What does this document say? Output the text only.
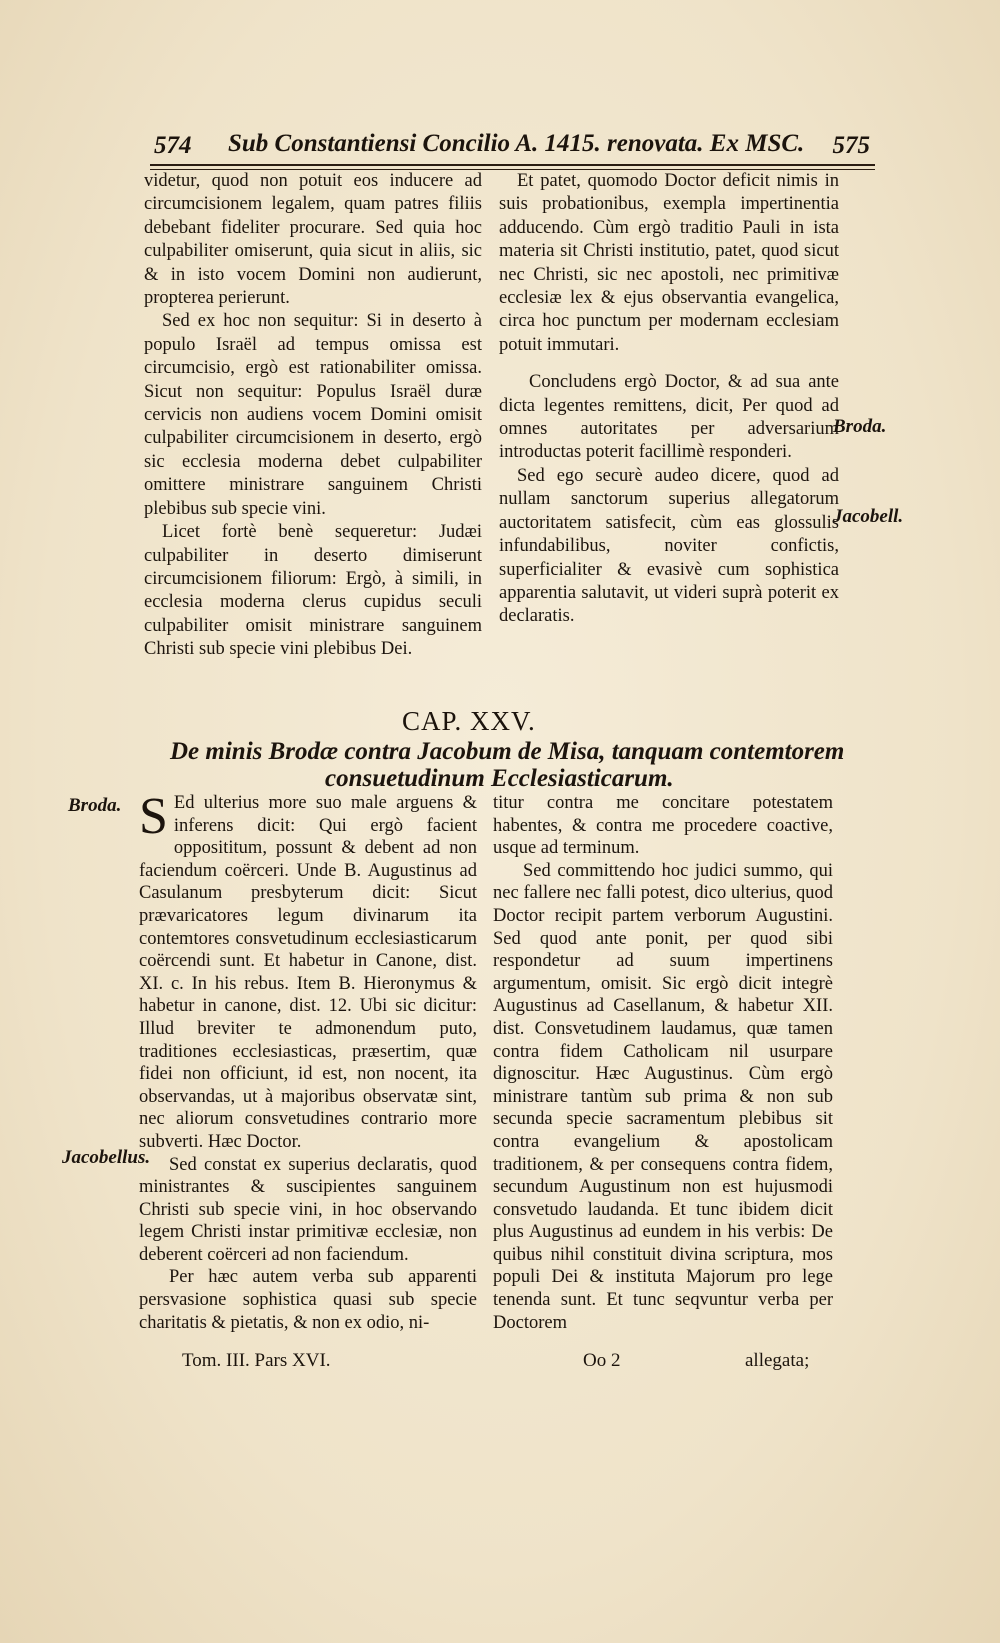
574 Sub Constantiensi Concilio A. 1415. renovata. Ex MSC. 575

videtur, quod non potuit eos inducere ad circumcisionem legalem, quam patres filiis debebant fideliter procurare. Sed quia hoc culpabiliter omiserunt, quia sicut in aliis, sic & in isto vocem Domini non audierunt, propterea perierunt.

Sed ex hoc non sequitur: Si in deserto à populo Israël ad tempus omissa est circumcisio, ergò est rationabiliter omissa. Sicut non sequitur: Populus Israël duræ cervicis non audiens vocem Domini omisit culpabiliter circumcisionem in deserto, ergò sic ecclesia moderna debet culpabiliter omittere ministrare sanguinem Christi plebibus sub specie vini.

Licet fortè benè sequeretur: Judæi culpabiliter in deserto dimiserunt circumcisionem filiorum: Ergò, à simili, in ecclesia moderna clerus cupidus seculi culpabiliter omisit ministrare sanguinem Christi sub specie vini plebibus Dei.

Et patet, quomodo Doctor deficit nimis in suis probationibus, exempla impertinentia adducendo. Cùm ergò traditio Pauli in ista materia sit Christi institutio, patet, quod sicut nec Christi, sic nec apostoli, nec primitivæ ecclesiæ lex & ejus observantia evangelica, circa hoc punctum per modernam ecclesiam potuit immutari.

Concludens ergò Doctor, & ad sua ante dicta legentes remittens, dicit, Per quod ad omnes autoritates per adversarium introductas poterit facillimè responderi.

Sed ego securè audeo dicere, quod ad nullam sanctorum superius allegatorum auctoritatem satisfecit, cùm eas glossulis infundabilibus, noviter confictis, superficialiter & evasivè cum sophistica apparentia salutavit, ut videri suprà poterit ex declaratis.

Broda.
Jacobell.
CAP. XXV.
De minis Brodæ contra Jacobum de Misa, tanquam contemtorem
consuetudinum Ecclesiasticarum.
Broda.
Jacobellus.

S Ed ulterius more suo male arguens & inferens dicit: Qui ergò facient opposititum, possunt & debent ad non faciendum coërceri. Unde B. Augustinus ad Casulanum presbyterum dicit: Sicut prævaricatores legum divinarum ita contemtores consvetudinum ecclesiasticarum coërcendi sunt. Et habetur in Canone, dist. XI. c. In his rebus. Item B. Hieronymus & habetur in canone, dist. 12. Ubi sic dicitur: Illud breviter te admonendum puto, traditiones ecclesiasticas, præsertim, quæ fidei non officiunt, id est, non nocent, ita observandas, ut à majoribus observatæ sint, nec aliorum consvetudines contrario more subverti. Hæc Doctor.

Sed constat ex superius declaratis, quod ministrantes & suscipientes sanguinem Christi sub specie vini, in hoc observando legem Christi instar primitivæ ecclesiæ, non deberent coërceri ad non faciendum.

Per hæc autem verba sub apparenti persvasione sophistica quasi sub specie charitatis & pietatis, & non ex odio, ni-

titur contra me concitare potestatem habentes, & contra me procedere coactive, usque ad terminum.

Sed committendo hoc judici summo, qui nec fallere nec falli potest, dico ulterius, quod Doctor recipit partem verborum Augustini. Sed quod ante ponit, per quod sibi respondetur ad suum impertinens argumentum, omisit. Sic ergò dicit integrè Augustinus ad Casellanum, & habetur XII. dist. Consvetudinem laudamus, quæ tamen contra fidem Catholicam nil usurpare dignoscitur. Hæc Augustinus. Cùm ergò ministrare tantùm sub prima & non sub secunda specie sacramentum plebibus sit contra evangelium & apostolicam traditionem, & per consequens contra fidem, secundum Augustinum non est hujusmodi consvetudo laudanda. Et tunc ibidem dicit plus Augustinus ad eundem in his verbis: De quibus nihil constituit divina scriptura, mos populi Dei & instituta Majorum pro lege tenenda sunt. Et tunc seqvuntur verba per Doctorem

Tom. III. Pars XVI.	Oo 2	allegata;
